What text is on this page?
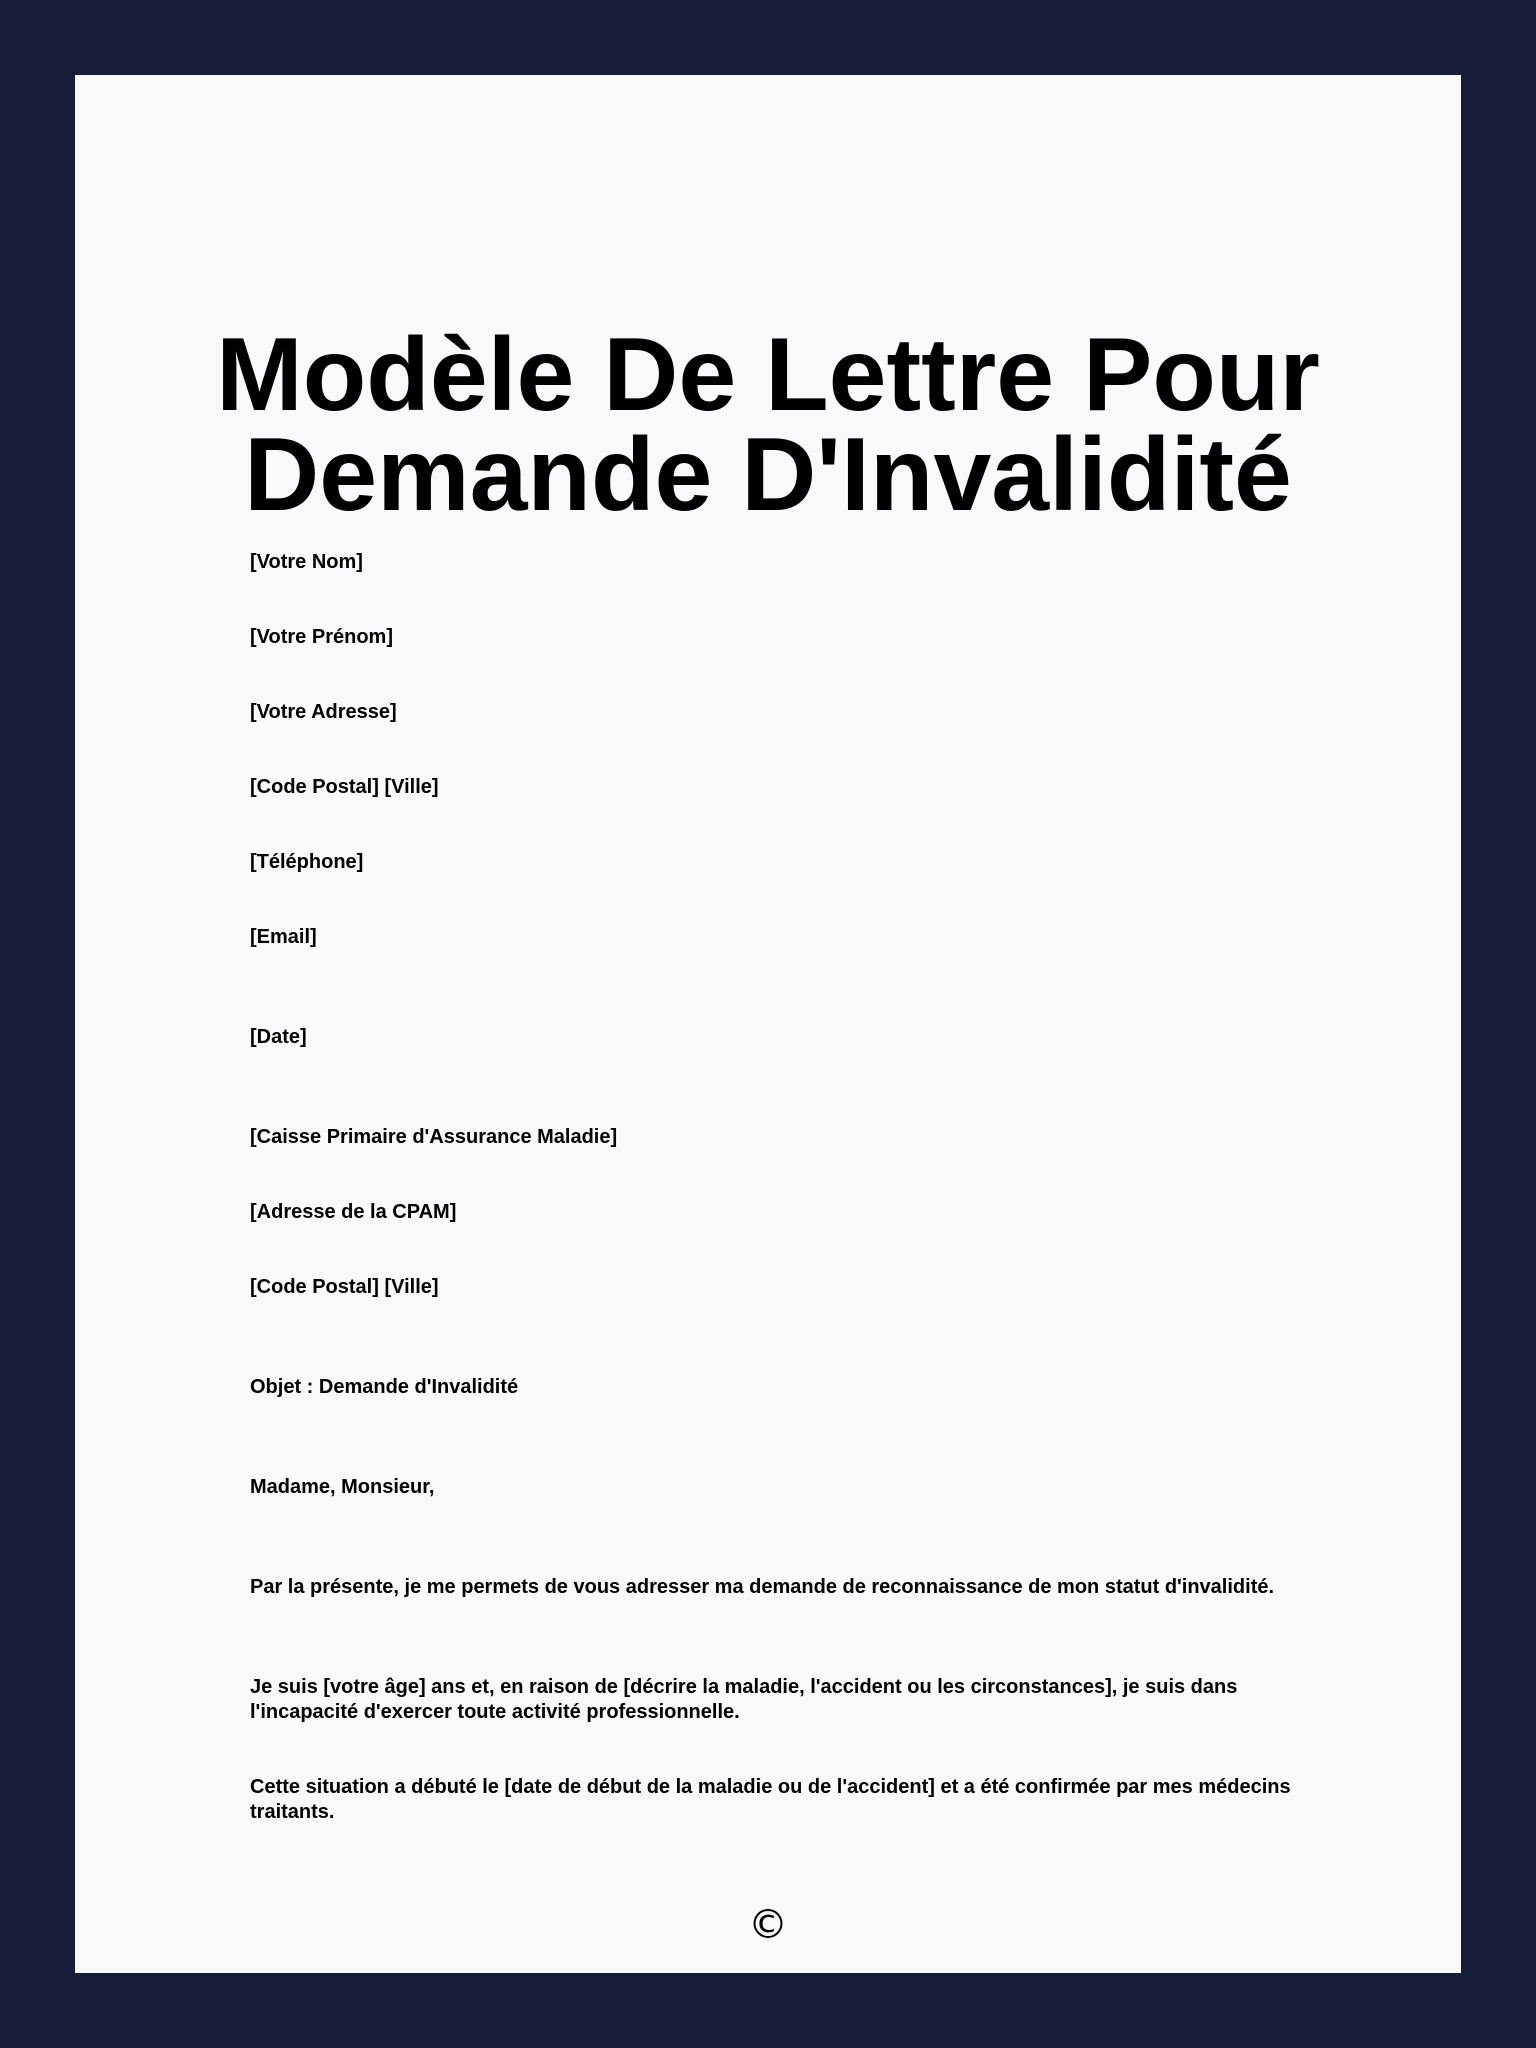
Modèle De Lettre Pour
Demande D'Invalidité

[Votre Nom]

[Votre Prénom]

[Votre Adresse]

[Code Postal] [Ville]

[Téléphone]

[Email]

[Date]

[Caisse Primaire d'Assurance Maladie]

[Adresse de la CPAM]

[Code Postal] [Ville]

Objet : Demande d'Invalidité

Madame, Monsieur,

Par la présente, je me permets de vous adresser ma demande de reconnaissance de mon statut d'invalidité.

Je suis [votre âge] ans et, en raison de [décrire la maladie, l'accident ou les circonstances], je suis dans l'incapacité d'exercer toute activité professionnelle.

Cette situation a débuté le [date de début de la maladie ou de l'accident] et a été confirmée par mes médecins traitants.

©
